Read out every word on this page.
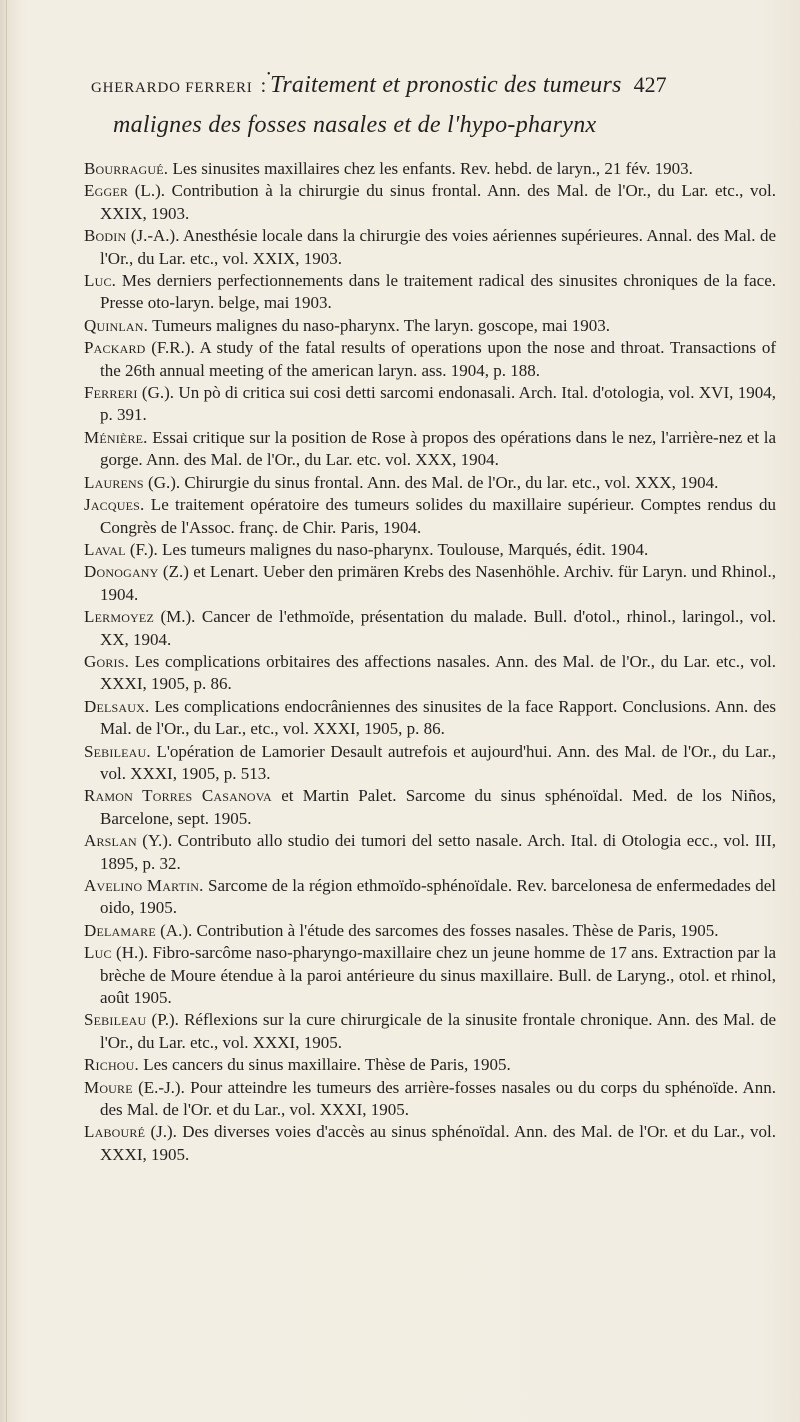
•
GHERARDO FERRERI : Traitement et pronostic des tumeurs 427
malignes des fosses nasales et de l'hypo-pharynx
Bourragué. Les sinusites maxillaires chez les enfants. Rev. hebd. de laryn., 21 fév. 1903.
Egger (L.). Contribution à la chirurgie du sinus frontal. Ann. des Mal. de l'Or., du Lar. etc., vol. XXIX, 1903.
Bodin (J.-A.). Anesthésie locale dans la chirurgie des voies aériennes supérieures. Annal. des Mal. de l'Or., du Lar. etc., vol. XXIX, 1903.
Luc. Mes derniers perfectionnements dans le traitement radical des sinusites chroniques de la face. Presse oto-laryn. belge, mai 1903.
Quinlan. Tumeurs malignes du naso-pharynx. The laryn. goscope, mai 1903.
Packard (F.R.). A study of the fatal results of operations upon the nose and throat. Transactions of the 26th annual meeting of the american laryn. ass. 1904, p. 188.
Ferreri (G.). Un pò di critica sui cosi detti sarcomi endonasali. Arch. Ital. d'otologia, vol. XVI, 1904, p. 391.
Ménière. Essai critique sur la position de Rose à propos des opérations dans le nez, l'arrière-nez et la gorge. Ann. des Mal. de l'Or., du Lar. etc. vol. XXX, 1904.
Laurens (G.). Chirurgie du sinus frontal. Ann. des Mal. de l'Or., du lar. etc., vol. XXX, 1904.
Jacques. Le traitement opératoire des tumeurs solides du maxillaire supérieur. Comptes rendus du Congrès de l'Assoc. franç. de Chir. Paris, 1904.
Laval (F.). Les tumeurs malignes du naso-pharynx. Toulouse, Marqués, édit. 1904.
Donogany (Z.) et Lenart. Ueber den primären Krebs des Nasenhöhle. Archiv. für Laryn. und Rhinol., 1904.
Lermoyez (M.). Cancer de l'ethmoïde, présentation du malade. Bull. d'otol., rhinol., laringol., vol. XX, 1904.
Goris. Les complications orbitaires des affections nasales. Ann. des Mal. de l'Or., du Lar. etc., vol. XXXI, 1905, p. 86.
Delsaux. Les complications endocrâniennes des sinusites de la face Rapport. Conclusions. Ann. des Mal. de l'Or., du Lar., etc., vol. XXXI, 1905, p. 86.
Sebileau. L'opération de Lamorier Desault autrefois et aujourd'hui. Ann. des Mal. de l'Or., du Lar., vol. XXXI, 1905, p. 513.
Ramon Torres Casanova et Martin Palet. Sarcome du sinus sphénoïdal. Med. de los Niños, Barcelone, sept. 1905.
Arslan (Y.). Contributo allo studio dei tumori del setto nasale. Arch. Ital. di Otologia ecc., vol. III, 1895, p. 32.
Avelino Martin. Sarcome de la région ethmoïdo-sphénoïdale. Rev. barcelonesa de enfermedades del oido, 1905.
Delamare (A.). Contribution à l'étude des sarcomes des fosses nasales. Thèse de Paris, 1905.
Luc (H.). Fibro-sarcôme naso-pharyngo-maxillaire chez un jeune homme de 17 ans. Extraction par la brèche de Moure étendue à la paroi antérieure du sinus maxillaire. Bull. de Laryng., otol. et rhinol, août 1905.
Sebileau (P.). Réflexions sur la cure chirurgicale de la sinusite frontale chronique. Ann. des Mal. de l'Or., du Lar. etc., vol. XXXI, 1905.
Richou. Les cancers du sinus maxillaire. Thèse de Paris, 1905.
Moure (E.-J.). Pour atteindre les tumeurs des arrière-fosses nasales ou du corps du sphénoïde. Ann. des Mal. de l'Or. et du Lar., vol. XXXI, 1905.
Labouré (J.). Des diverses voies d'accès au sinus sphénoïdal. Ann. des Mal. de l'Or. et du Lar., vol. XXXI, 1905.
